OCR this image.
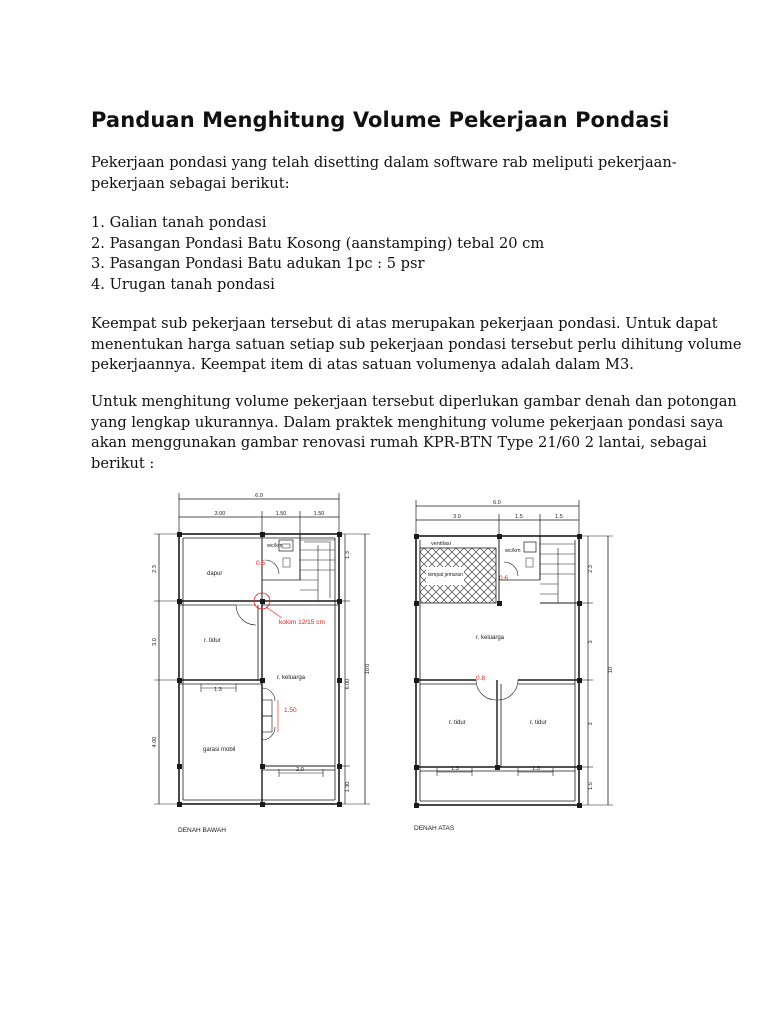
Panduan Menghitung Volume Pekerjaan Pondasi
Pekerjaan pondasi yang telah disetting dalam software rab meliputi pekerjaan-
pekerjaan sebagai berikut:
1. Galian tanah pondasi
2. Pasangan Pondasi Batu Kosong (aanstamping) tebal 20 cm
3. Pasangan Pondasi Batu adukan 1pc : 5 psr
4. Urugan tanah pondasi
Keempat sub pekerjaan tersebut di atas merupakan pekerjaan pondasi. Untuk dapat
menentukan harga satuan setiap sub pekerjaan pondasi tersebut perlu dihitung volume
pekerjaannya. Keempat item di atas satuan volumenya adalah dalam M3.
Untuk menghitung volume pekerjaan tersebut diperlukan gambar denah dan potongan
yang lengkap ukurannya. Dalam praktek menghitung volume pekerjaan pondasi saya
akan menggunakan gambar renovasi rumah KPR-BTN Type 21/60 2 lantai, sebagai
berikut :
6.0
3.00	1.50	1.50
2.3
3.0
4.00
1.3
6.00
10.0
1.30
2.0
1.3
dapur
wc/km
r. tidur
r. keluarga
garasi mobil
0.6
kolom 12/15 cm
1.50
DENAH BAWAH
6.0
3.0	1.5	1.5
2.3
3
10
3
1.5
1.3	1.3
ventilasi
wc/km
tempat jemuran
r. keluarga
r. tidur	r. tidur
0.6
0.8
DENAH ATAS
